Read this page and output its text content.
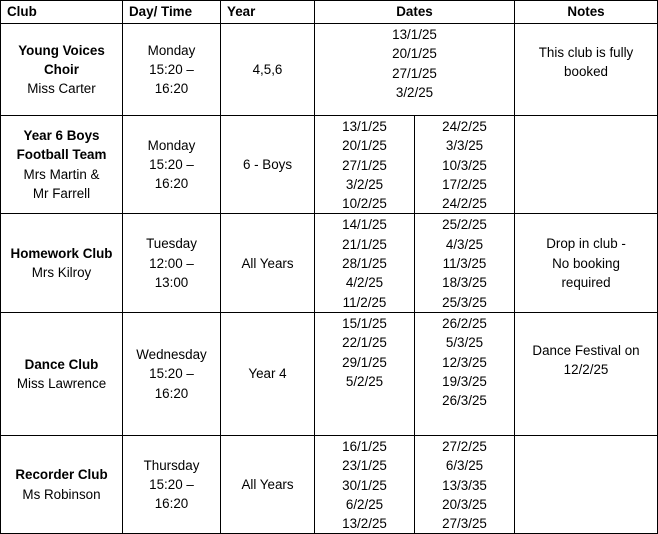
Club	Day/ Time	Year	Dates		Notes

Young Voices
Choir
Miss Carter	Monday
15:20 –
16:20	4,5,6	13/1/25
20/1/25
27/1/25
3/2/25		This club is fully
booked

Year 6 Boys
Football Team
Mrs Martin &
Mr Farrell	Monday
15:20 –
16:20	6 - Boys	13/1/25
20/1/25
27/1/25
3/2/25
10/2/25	24/2/25
3/3/25
10/3/25
17/2/25
24/2/25	

Homework Club
Mrs Kilroy	Tuesday
12:00 –
13:00	All Years	14/1/25
21/1/25
28/1/25
4/2/25
11/2/25	25/2/25
4/3/25
11/3/25
18/3/25
25/3/25	Drop in club -
No booking
required

Dance Club
Miss Lawrence	Wednesday
15:20 –
16:20	Year 4	15/1/25
22/1/25
29/1/25
5/2/25	26/2/25
5/3/25
12/3/25
19/3/25
26/3/25	Dance Festival on
12/2/25

Recorder Club
Ms Robinson	Thursday
15:20 –
16:20	All Years	16/1/25
23/1/25
30/1/25
6/2/25
13/2/25	27/2/25
6/3/25
13/3/35
20/3/25
27/3/25	
